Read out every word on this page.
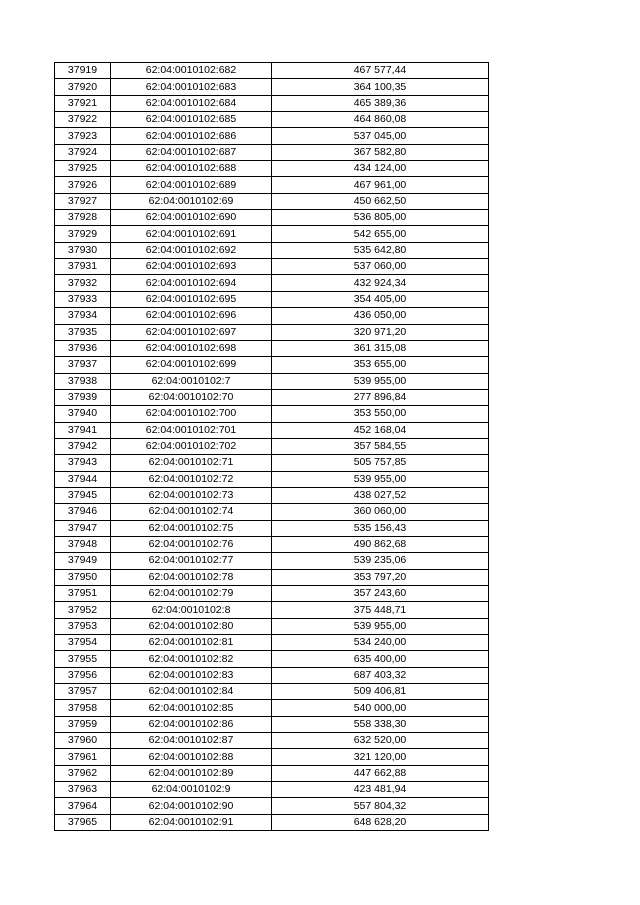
37919	62:04:0010102:682	467 577,44
37920	62:04:0010102:683	364 100,35
37921	62:04:0010102:684	465 389,36
37922	62:04:0010102:685	464 860,08
37923	62:04:0010102:686	537 045,00
37924	62:04:0010102:687	367 582,80
37925	62:04:0010102:688	434 124,00
37926	62:04:0010102:689	467 961,00
37927	62:04:0010102:69	450 662,50
37928	62:04:0010102:690	536 805,00
37929	62:04:0010102:691	542 655,00
37930	62:04:0010102:692	535 642,80
37931	62:04:0010102:693	537 060,00
37932	62:04:0010102:694	432 924,34
37933	62:04:0010102:695	354 405,00
37934	62:04:0010102:696	436 050,00
37935	62:04:0010102:697	320 971,20
37936	62:04:0010102:698	361 315,08
37937	62:04:0010102:699	353 655,00
37938	62:04:0010102:7	539 955,00
37939	62:04:0010102:70	277 896,84
37940	62:04:0010102:700	353 550,00
37941	62:04:0010102:701	452 168,04
37942	62:04:0010102:702	357 584,55
37943	62:04:0010102:71	505 757,85
37944	62:04:0010102:72	539 955,00
37945	62:04:0010102:73	438 027,52
37946	62:04:0010102:74	360 060,00
37947	62:04:0010102:75	535 156,43
37948	62:04:0010102:76	490 862,68
37949	62:04:0010102:77	539 235,06
37950	62:04:0010102:78	353 797,20
37951	62:04:0010102:79	357 243,60
37952	62:04:0010102:8	375 448,71
37953	62:04:0010102:80	539 955,00
37954	62:04:0010102:81	534 240,00
37955	62:04:0010102:82	635 400,00
37956	62:04:0010102:83	687 403,32
37957	62:04:0010102:84	509 406,81
37958	62:04:0010102:85	540 000,00
37959	62:04:0010102:86	558 338,30
37960	62:04:0010102:87	632 520,00
37961	62:04:0010102:88	321 120,00
37962	62:04:0010102:89	447 662,88
37963	62:04:0010102:9	423 481,94
37964	62:04:0010102:90	557 804,32
37965	62:04:0010102:91	648 628,20
